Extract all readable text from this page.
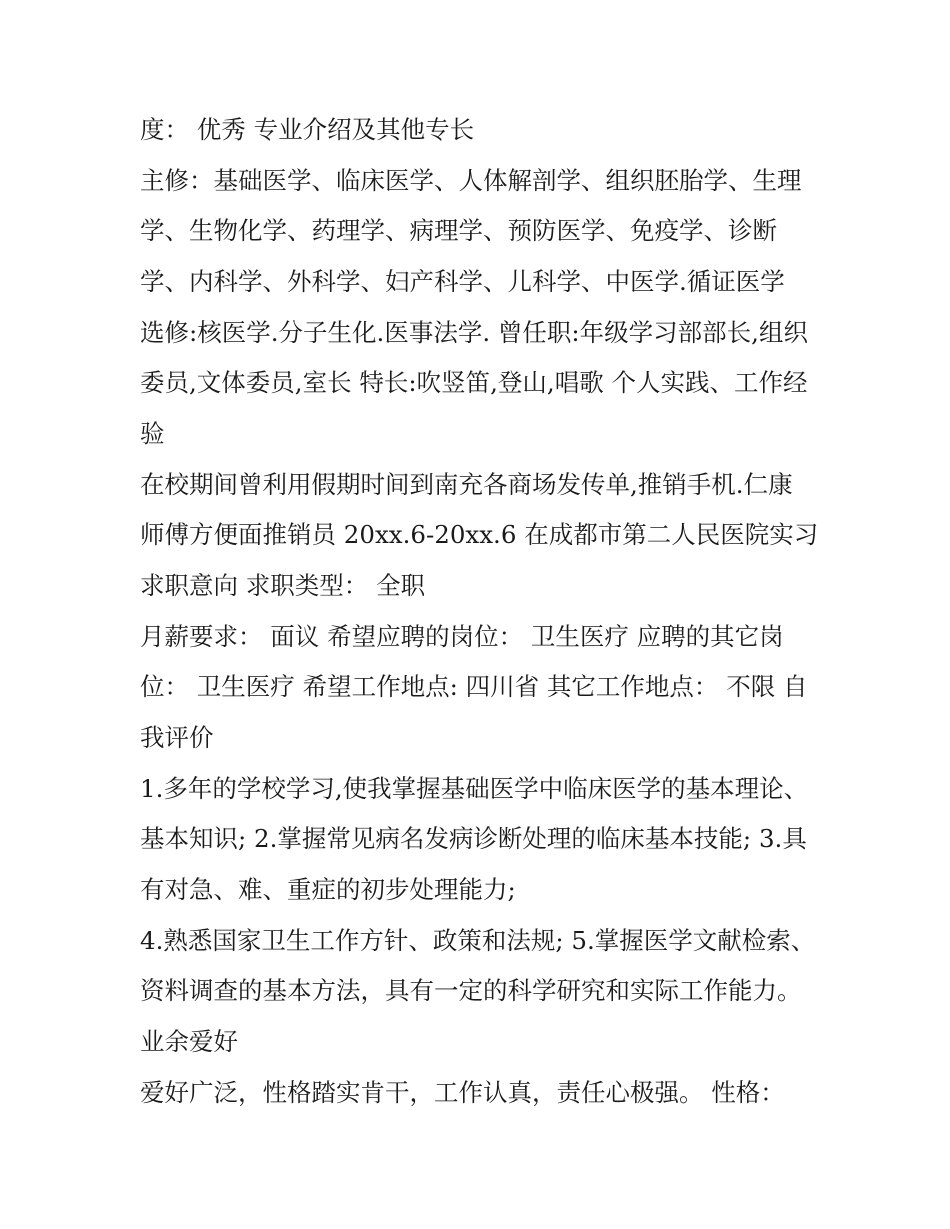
度： 优秀 专业介绍及其他专长
主修：基础医学、临床医学、人体解剖学、组织胚胎学、生理
学、生物化学、药理学、病理学、预防医学、免疫学、诊断
学、内科学、外科学、妇产科学、儿科学、中医学.循证医学
选修:核医学.分子生化.医事法学. 曾任职:年级学习部部长,组织
委员,文体委员,室长 特长:吹竖笛,登山,唱歌 个人实践、工作经
验
在校期间曾利用假期时间到南充各商场发传单,推销手机.仁康
师傅方便面推销员 20xx.6-20xx.6 在成都市第二人民医院实习
求职意向 求职类型： 全职
月薪要求： 面议 希望应聘的岗位： 卫生医疗 应聘的其它岗
位： 卫生医疗 希望工作地点: 四川省 其它工作地点： 不限 自
我评价
1.多年的学校学习,使我掌握基础医学中临床医学的基本理论、
基本知识; 2.掌握常见病名发病诊断处理的临床基本技能; 3.具
有对急、难、重症的初步处理能力;
4.熟悉国家卫生工作方针、政策和法规; 5.掌握医学文献检索、
资料调查的基本方法，具有一定的科学研究和实际工作能力。
业余爱好
爱好广泛，性格踏实肯干，工作认真，责任心极强。 性格：
